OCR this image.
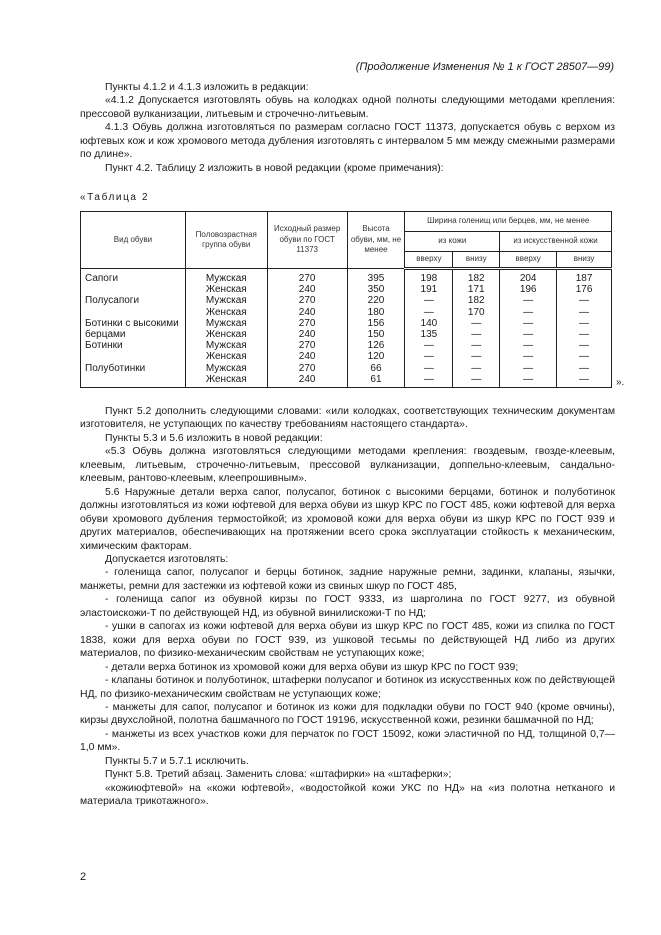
(Продолжение Изменения № 1 к ГОСТ 28507—99)

Пункты 4.1.2 и 4.1.3 изложить в редакции:

«4.1.2 Допускается изготовлять обувь на колодках одной полноты следующими методами крепления: прессовой вулканизации, литьевым и строчечно-литьевым.

4.1.3 Обувь должна изготовляться по размерам согласно ГОСТ 11373, допускается обувь с верхом из юфтевых кож и кож хромового метода дубления изготовлять с интервалом 5 мм между смежными размерами по длине».

Пункт 4.2. Таблицу 2 изложить в новой редакции (кроме примечания):

«Таблица 2
Вид обуви	Половозрастная группа обуви	Исходный размер обуви по ГОСТ 11373	Высота обуви, мм, не менее	Ширина голенищ или берцев, мм, не менее			
				из кожи		из искусственной кожи	
				вверху	внизу	вверху	внизу
Сапоги	Мужская	270	395	198	182	204	187
	Женская	240	350	191	171	196	176
Полусапоги	Мужская	270	220	—	182	—	—
	Женская	240	180	—	170	—	—
Ботинки с высокими	Мужская	270	156	140	—	—	—
берцами	Женская	240	150	135	—	—	—
Ботинки	Мужская	270	126	—	—	—	—
	Женская	240	120	—	—	—	—
Полуботинки	Мужская	270	66	—	—	—	—
	Женская	240	61	—	—	—	—	».

Пункт 5.2 дополнить следующими словами: «или колодках, соответствующих техническим документам изготовителя, не уступающих по качеству требованиям настоящего стандарта».

Пункты 5.3 и 5.6 изложить в новой редакции:

«5.3 Обувь должна изготовляться следующими методами крепления: гвоздевым, гвозде-клеевым, клеевым, литьевым, строчечно-литьевым, прессовой вулканизации, доппельно-клеевым, сандально-клеевым, рантово-клеевым, клеепрошивным».

5.6 Наружные детали верха сапог, полусапог, ботинок с высокими берцами, ботинок и полуботинок должны изготовляться из кожи юфтевой для верха обуви из шкур КРС по ГОСТ 485, кожи юфтевой для верха обуви хромового дубления термостойкой; из хромовой кожи для верха обуви из шкур КРС по ГОСТ 939 и других материалов, обеспечивающих на протяжении всего срока эксплуатации стойкость к механическим, химическим факторам.

Допускается изготовлять:

- голенища сапог, полусапог и берцы ботинок, задние наружные ремни, задинки, клапаны, язычки, манжеты, ремни для застежки из юфтевой кожи из свиных шкур по ГОСТ 485,

- голенища сапог из обувной кирзы по ГОСТ 9333, из шарголина по ГОСТ 9277, из обувной эластоискожи-Т по действующей НД, из обувной винилискожи-Т по НД;

- ушки в сапогах из кожи юфтевой для верха обуви из шкур КРС по ГОСТ 485, кожи из спилка по ГОСТ 1838, кожи для верха обуви по ГОСТ 939, из ушковой тесьмы по действующей НД либо из других материалов, по физико-механическим свойствам не уступающих коже;

- детали верха ботинок из хромовой кожи для верха обуви из шкур КРС по ГОСТ 939;

- клапаны ботинок и полуботинок, штаферки полусапог и ботинок из искусственных кож по действующей НД, по физико-механическим свойствам не уступающих коже;

- манжеты для сапог, полусапог и ботинок из кожи для подкладки обуви по ГОСТ 940 (кроме овчины), кирзы двухслойной, полотна башмачного по ГОСТ 19196, искусственной кожи, резинки башмачной по НД;

- манжеты из всех участков кожи для перчаток по ГОСТ 15092, кожи эластичной по НД, толщиной 0,7—1,0 мм».

Пункты 5.7 и 5.7.1 исключить.

Пункт 5.8. Третий абзац. Заменить слова: «штафирки» на «штаферки»;

«кожиюфтевой» на «кожи юфтевой», «водостойкой кожи УКС по НД» на «из полотна нетканого и материала трикотажного».

2
